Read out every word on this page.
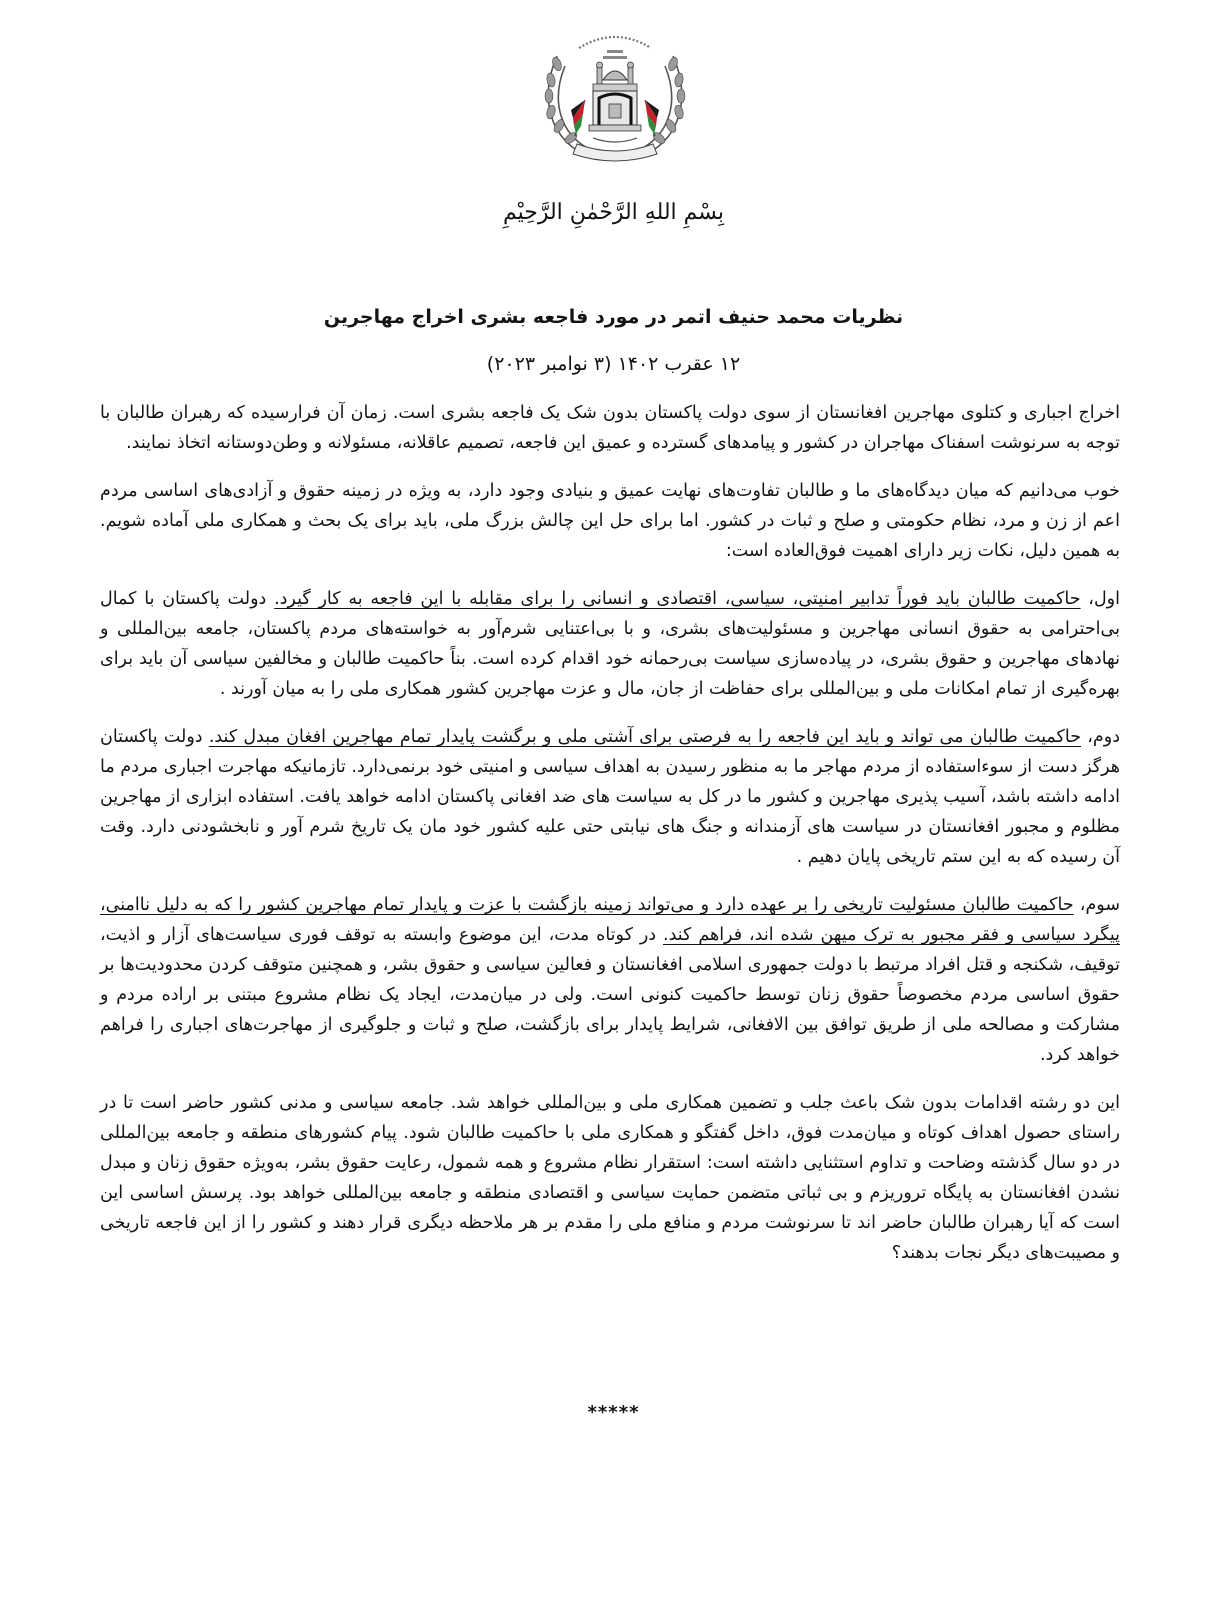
بِسْمِ اللهِ الرَّحْمٰنِ الرَّحِيْمِ
نظریات محمد حنیف اتمر در مورد فاجعه بشری اخراج مهاجرین
۱۲ عقرب ۱۴۰۲ (۳ نوامبر ۲۰۲۳)

اخراج اجباری و کتلوی مهاجرین افغانستان از سوی دولت پاکستان بدون شک یک فاجعه بشری است. زمان آن فرارسیده که رهبران طالبان با توجه به سرنوشت اسفناک مهاجران در کشور و پیامدهای گسترده و عمیق این فاجعه، تصمیم عاقلانه، مسئولانه و وطن‌دوستانه اتخاذ نمایند.

خوب می‌دانیم که میان دیدگاه‌های ما و طالبان تفاوت‌های نهایت عمیق و بنیادی وجود دارد، به ویژه در زمینه حقوق و آزادی‌های اساسی مردم اعم از زن و مرد، نظام حکومتی و صلح و ثبات در کشور. اما برای حل این چالش بزرگ ملی، باید برای یک بحث و همکاری ملی آماده شویم. به همین دلیل، نکات زیر دارای اهمیت فوق‌العاده است:

اول، حاکمیت طالبان باید فوراً تدابیر امنیتی، سیاسی، اقتصادی و انسانی را برای مقابله با این فاجعه به کار گیرد. دولت پاکستان با کمال بی‌احترامی به حقوق انسانی مهاجرین و مسئولیت‌های بشری، و با بی‌اعتنایی شرم‌آور به خواسته‌های مردم پاکستان، جامعه بین‌المللی و نهادهای مهاجرین و حقوق بشری، در پیاده‌سازی سیاست بی‌رحمانه خود اقدام کرده است. بناً حاکمیت طالبان و مخالفین سیاسی آن باید برای بهره‌گیری از تمام امکانات ملی و بین‌المللی برای حفاظت از جان، مال و عزت مهاجرین کشور همکاری ملی را به میان آورند .

دوم، حاکمیت طالبان می تواند و باید این فاجعه را به فرصتی برای آشتی ملی و برگشت پایدار تمام مهاجرین افغان مبدل کند. دولت پاکستان هرگز دست از سوءاستفاده از مردم مهاجر ما به منظور رسیدن به اهداف سیاسی و امنیتی خود برنمی‌دارد. تازمانیکه مهاجرت اجباری مردم ما ادامه داشته باشد، آسیب پذیری مهاجرین و کشور ما در کل به سیاست های ضد افغانی پاکستان ادامه خواهد یافت. استفاده ابزاری از مهاجرین مظلوم و مجبور افغانستان در سیاست های آزمندانه و جنگ های نیابتی حتی علیه کشور خود مان یک تاریخ شرم آور و نابخشودنی دارد. وقت آن رسیده که به این ستم تاریخی پایان دهیم .

سوم، حاکمیت طالبان مسئولیت تاریخی را بر عهده دارد و می‌تواند زمینه بازگشت با عزت و پایدار تمام مهاجرین کشور را که به دلیل ناامنی، پیگرد سیاسی و فقر مجبور به ترک میهن شده اند، فراهم کند. در کوتاه مدت، این موضوع وابسته به توقف فوری سیاست‌های آزار و اذیت، توقیف، شکنجه و قتل افراد مرتبط با دولت جمهوری اسلامی افغانستان و فعالین سیاسی و حقوق بشر، و همچنین متوقف کردن محدودیت‌ها بر حقوق اساسی مردم مخصوصاً حقوق زنان توسط حاکمیت کنونی است. ولی در میان‌مدت، ایجاد یک نظام مشروع مبتنی بر اراده مردم و مشارکت و مصالحه ملی از طریق توافق بین الافغانی، شرایط پایدار برای بازگشت، صلح و ثبات و جلوگیری از مهاجرت‌های اجباری را فراهم خواهد کرد.

این دو رشته اقدامات بدون شک باعث جلب و تضمین همکاری ملی و بین‌المللی خواهد شد. جامعه سیاسی و مدنی کشور حاضر است تا در راستای حصول اهداف کوتاه و میان‌مدت فوق، داخل گفتگو و همکاری ملی با حاکمیت طالبان شود. پیام کشورهای منطقه و جامعه بین‌المللی در دو سال گذشته وضاحت و تداوم استثنایی داشته است: استقرار نظام مشروع و همه شمول، رعایت حقوق بشر، به‌ویژه حقوق زنان و مبدل نشدن افغانستان به پایگاه تروریزم و بی ثباتی متضمن حمایت سیاسی و اقتصادی منطقه و جامعه بین‌المللی خواهد بود. پرسش اساسی این است که آیا رهبران طالبان حاضر اند تا سرنوشت مردم و منافع ملی را مقدم بر هر ملاحظه دیگری قرار دهند و کشور را از این فاجعه تاریخی و مصیبت‌های دیگر نجات بدهند؟

*****
